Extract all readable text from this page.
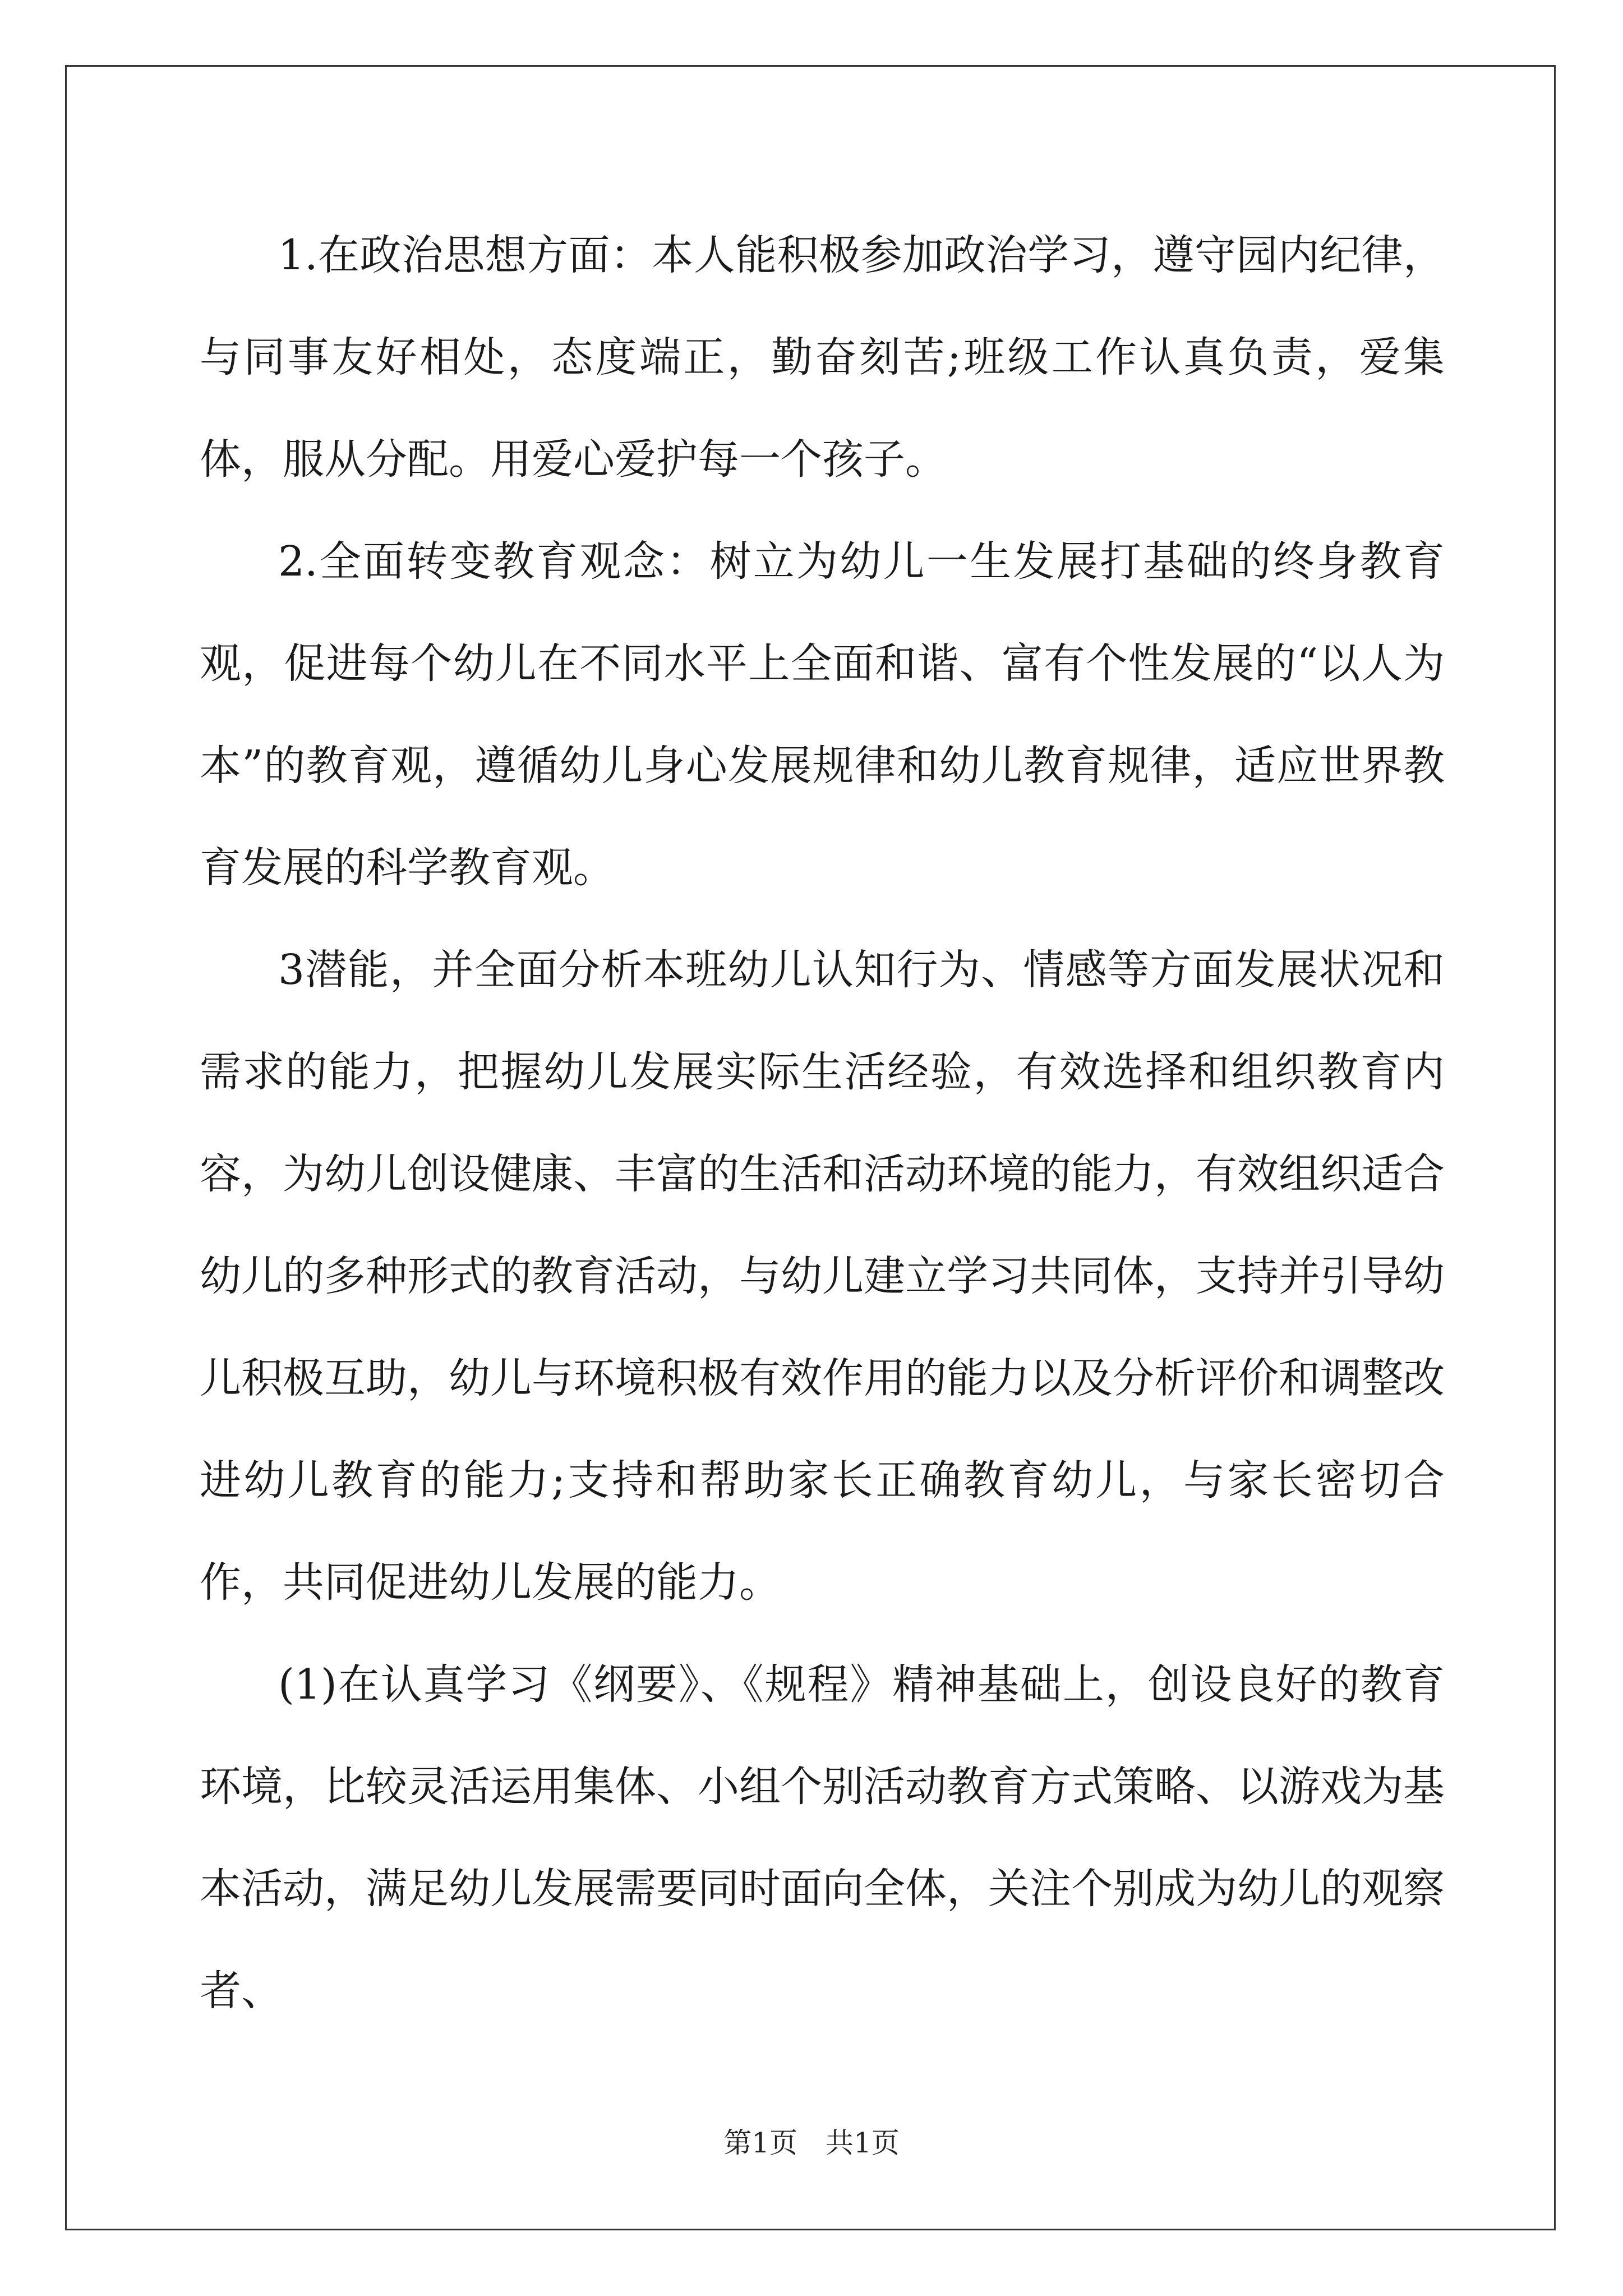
1.在政治思想方面：本人能积极参加政治学习，遵守园内纪律，与同事友好相处，态度端正，勤奋刻苦;班级工作认真负责，爱集体，服从分配。用爱心爱护每一个孩子。

2.全面转变教育观念：树立为幼儿一生发展打基础的终身教育观，促进每个幼儿在不同水平上全面和谐、富有个性发展的“以人为本”的教育观，遵循幼儿身心发展规律和幼儿教育规律，适应世界教育发展的科学教育观。

3潜能，并全面分析本班幼儿认知行为、情感等方面发展状况和需求的能力，把握幼儿发展实际生活经验，有效选择和组织教育内容，为幼儿创设健康、丰富的生活和活动环境的能力，有效组织适合幼儿的多种形式的教育活动，与幼儿建立学习共同体，支持并引导幼儿积极互助，幼儿与环境积极有效作用的能力以及分析评价和调整改进幼儿教育的能力;支持和帮助家长正确教育幼儿，与家长密切合作，共同促进幼儿发展的能力。

(1)在认真学习《纲要》、《规程》精神基础上，创设良好的教育环境，比较灵活运用集体、小组个别活动教育方式策略、以游戏为基本活动，满足幼儿发展需要同时面向全体，关注个别成为幼儿的观察者、

第1页　共1页
